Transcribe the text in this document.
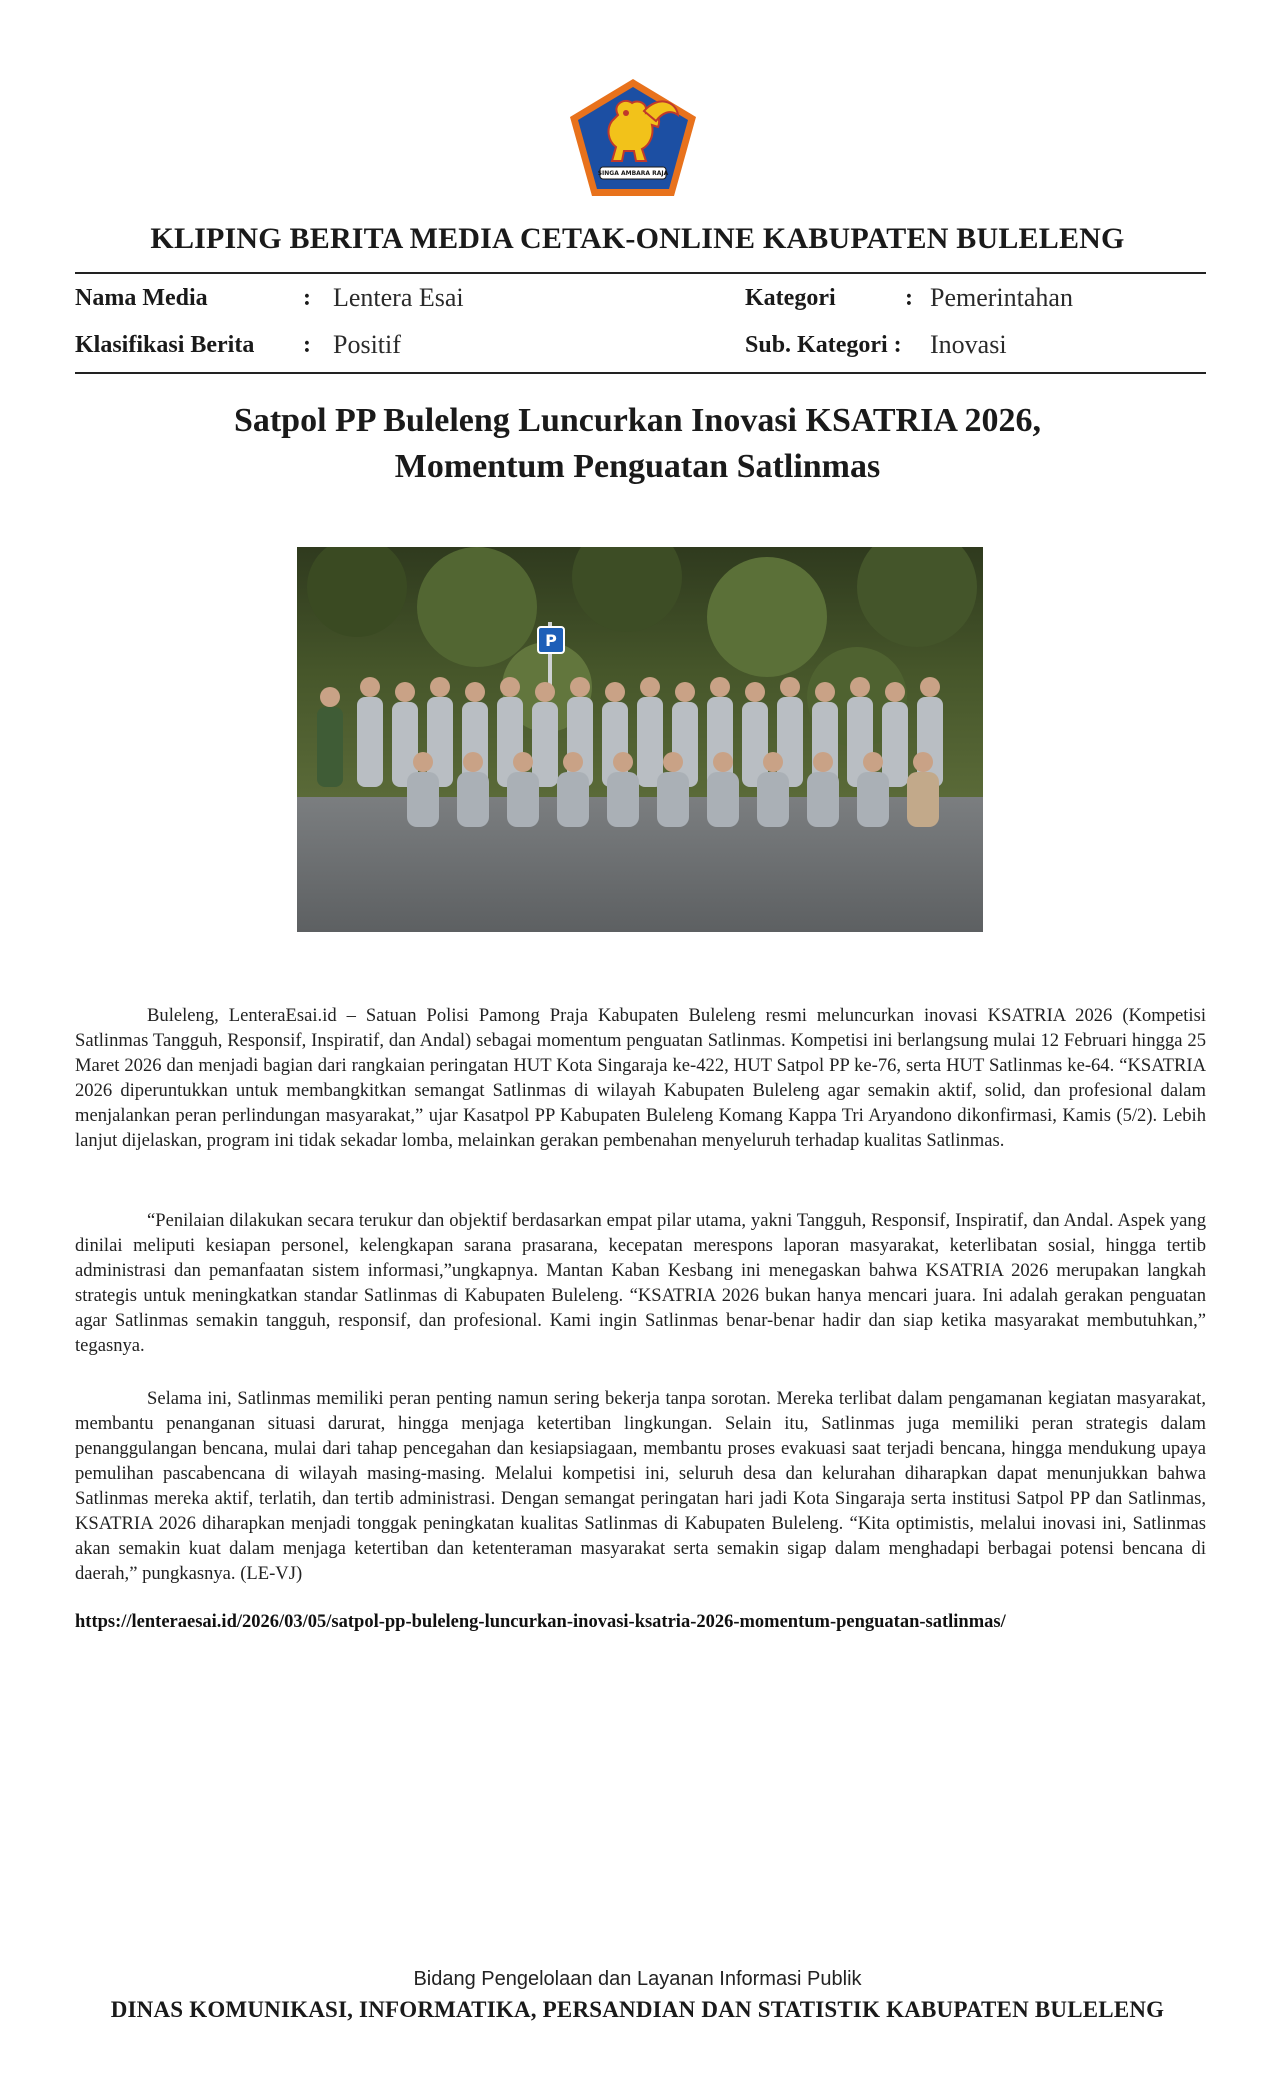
SINGA AMBARA RAJA
KLIPING BERITA MEDIA CETAK-ONLINE KABUPATEN BULELENG
Nama Media	: Lentera Esai
Klasifikasi Berita : Positif
Kategori	: Pemerintahan
Sub. Kategori : Inovasi
Satpol PP Buleleng Luncurkan Inovasi KSATRIA 2026,
Momentum Penguatan Satlinmas
P

Buleleng, LenteraEsai.id – Satuan Polisi Pamong Praja Kabupaten Buleleng resmi meluncurkan inovasi KSATRIA 2026 (Kompetisi Satlinmas Tangguh, Responsif, Inspiratif, dan Andal) sebagai momentum penguatan Satlinmas. Kompetisi ini berlangsung mulai 12 Februari hingga 25 Maret 2026 dan menjadi bagian dari rangkaian peringatan HUT Kota Singaraja ke-422, HUT Satpol PP ke-76, serta HUT Satlinmas ke-64. “KSATRIA 2026 diperuntukkan untuk membangkitkan semangat Satlinmas di wilayah Kabupaten Buleleng agar semakin aktif, solid, dan profesional dalam menjalankan peran perlindungan masyarakat,” ujar Kasatpol PP Kabupaten Buleleng Komang Kappa Tri Aryandono dikonfirmasi, Kamis (5/2). Lebih lanjut dijelaskan, program ini tidak sekadar lomba, melainkan gerakan pembenahan menyeluruh terhadap kualitas Satlinmas.

“Penilaian dilakukan secara terukur dan objektif berdasarkan empat pilar utama, yakni Tangguh, Responsif, Inspiratif, dan Andal. Aspek yang dinilai meliputi kesiapan personel, kelengkapan sarana prasarana, kecepatan merespons laporan masyarakat, keterlibatan sosial, hingga tertib administrasi dan pemanfaatan sistem informasi,”ungkapnya. Mantan Kaban Kesbang ini menegaskan bahwa KSATRIA 2026 merupakan langkah strategis untuk meningkatkan standar Satlinmas di Kabupaten Buleleng. “KSATRIA 2026 bukan hanya mencari juara. Ini adalah gerakan penguatan agar Satlinmas semakin tangguh, responsif, dan profesional. Kami ingin Satlinmas benar-benar hadir dan siap ketika masyarakat membutuhkan,” tegasnya.

Selama ini, Satlinmas memiliki peran penting namun sering bekerja tanpa sorotan. Mereka terlibat dalam pengamanan kegiatan masyarakat, membantu penanganan situasi darurat, hingga menjaga ketertiban lingkungan. Selain itu, Satlinmas juga memiliki peran strategis dalam penanggulangan bencana, mulai dari tahap pencegahan dan kesiapsiagaan, membantu proses evakuasi saat terjadi bencana, hingga mendukung upaya pemulihan pascabencana di wilayah masing-masing. Melalui kompetisi ini, seluruh desa dan kelurahan diharapkan dapat menunjukkan bahwa Satlinmas mereka aktif, terlatih, dan tertib administrasi. Dengan semangat peringatan hari jadi Kota Singaraja serta institusi Satpol PP dan Satlinmas, KSATRIA 2026 diharapkan menjadi tonggak peningkatan kualitas Satlinmas di Kabupaten Buleleng. “Kita optimistis, melalui inovasi ini, Satlinmas akan semakin kuat dalam menjaga ketertiban dan ketenteraman masyarakat serta semakin sigap dalam menghadapi berbagai potensi bencana di daerah,” pungkasnya. (LE-VJ)

https://lenteraesai.id/2026/03/05/satpol-pp-buleleng-luncurkan-inovasi-ksatria-2026-momentum-penguatan-satlinmas/
Bidang Pengelolaan dan Layanan Informasi Publik
DINAS KOMUNIKASI, INFORMATIKA, PERSANDIAN DAN STATISTIK KABUPATEN BULELENG
